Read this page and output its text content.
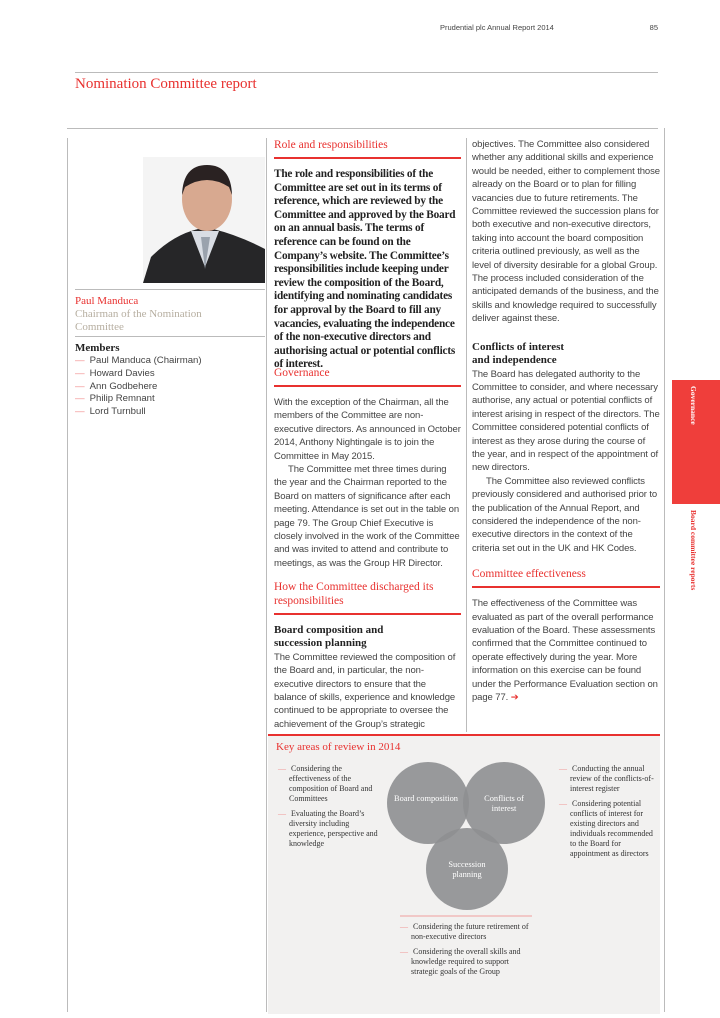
Prudential plc Annual Report 2014	85
Nomination Committee report
Paul Manduca
Chairman of the Nomination Committee
Members
— Paul Manduca (Chairman)
— Howard Davies
— Ann Godbehere
— Philip Remnant
— Lord Turnbull
Role and responsibilities
The role and responsibilities of the Committee are set out in its terms of reference, which are reviewed by the Committee and approved by the Board on an annual basis. The terms of reference can be found on the Company’s website. The Committee’s responsibilities include keeping under review the composition of the Board, identifying and nominating candidates for approval by the Board to fill any vacancies, evaluating the independence of the non-executive directors and authorising actual or potential conflicts of interest.
Governance

With the exception of the Chairman, all the members of the Committee are non-executive directors. As announced in October 2014, Anthony Nightingale is to join the Committee in May 2015.

The Committee met three times during the year and the Chairman reported to the Board on matters of significance after each meeting. Attendance is set out in the table on page 79. The Group Chief Executive is closely involved in the work of the Committee and was invited to attend and contribute to meetings, as was the Group HR Director.

How the Committee discharged its responsibilities
Board composition and succession planning
The Committee reviewed the composition of the Board and, in particular, the non-executive directors to ensure that the balance of skills, experience and knowledge continued to be appropriate to oversee the achievement of the Group’s strategic
objectives. The Committee also considered whether any additional skills and experience would be needed, either to complement those already on the Board or to plan for filling vacancies due to future retirements. The Committee reviewed the succession plans for both executive and non-executive directors, taking into account the board composition criteria outlined previously, as well as the level of diversity desirable for a global Group. The process included consideration of the anticipated demands of the business, and the skills and knowledge required to successfully deliver against these.
Conflicts of interest and independence

The Board has delegated authority to the Committee to consider, and where necessary authorise, any actual or potential conflicts of interest arising in respect of the directors. The Committee considered potential conflicts of interest as they arose during the course of the year, and in respect of the appointment of new directors.

The Committee also reviewed conflicts previously considered and authorised prior to the publication of the Annual Report, and considered the independence of the non-executive directors in the context of the criteria set out in the UK and HK Codes.

Committee effectiveness
The effectiveness of the Committee was evaluated as part of the overall performance evaluation of the Board. These assessments confirmed that the Committee continued to operate effectively during the year. More information on this exercise can be found under the Performance Evaluation section on page 77. ➔
Key areas of review in 2014
Board composition	Conflicts of interest
Succession planning
— Considering the effectiveness of the composition of Board and Committees
— Evaluating the Board’s diversity including experience, perspective and knowledge
— Conducting the annual review of the conflicts-of-interest register
— Considering potential conflicts of interest for existing directors and individuals recommended to the Board for appointment as directors
— Considering the future retirement of non-executive directors
— Considering the overall skills and knowledge required to support strategic goals of the Group
Governance
Board committee reports
